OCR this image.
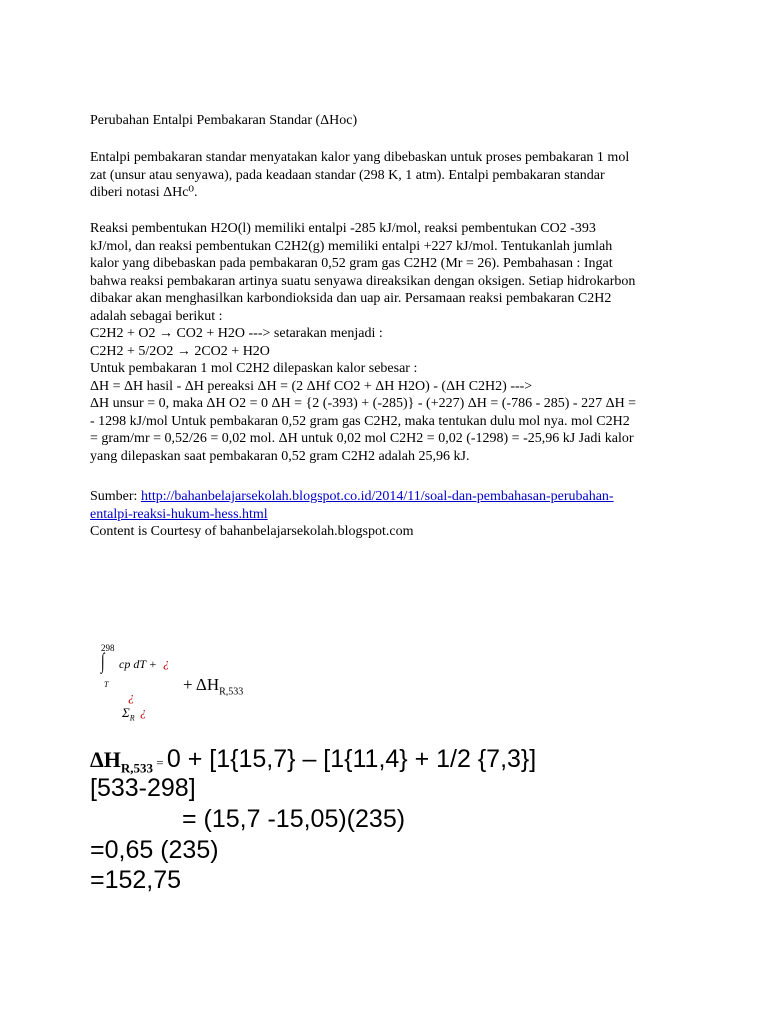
Perubahan Entalpi Pembakaran Standar (ΔHoc)
Entalpi pembakaran standar menyatakan kalor yang dibebaskan untuk proses pembakaran 1 mol
zat (unsur atau senyawa), pada keadaan standar (298 K, 1 atm). Entalpi pembakaran standar
diberi notasi ΔHc⁰.
Reaksi pembentukan H2O(l) memiliki entalpi -285 kJ/mol, reaksi pembentukan CO2 -393
kJ/mol, dan reaksi pembentukan C2H2(g) memiliki entalpi +227 kJ/mol. Tentukanlah jumlah
kalor yang dibebaskan pada pembakaran 0,52 gram gas C2H2 (Mr = 26). Pembahasan : Ingat
bahwa reaksi pembakaran artinya suatu senyawa direaksikan dengan oksigen. Setiap hidrokarbon
dibakar akan menghasilkan karbondioksida dan uap air. Persamaan reaksi pembakaran C2H2
adalah sebagai berikut :
C2H2 + O2 → CO2 + H2O ---> setarakan menjadi :
C2H2 + 5/2O2 → 2CO2 + H2O
Untuk pembakaran 1 mol C2H2 dilepaskan kalor sebesar :
ΔH = ΔH hasil - ΔH pereaksi ΔH = (2 ΔHf CO2 + ΔH H2O) - (ΔH C2H2) --->
ΔH unsur = 0, maka ΔH O2 = 0 ΔH = {2 (-393) + (-285)} - (+227) ΔH = (-786 - 285) - 227 ΔH =
- 1298 kJ/mol Untuk pembakaran 0,52 gram gas C2H2, maka tentukan dulu mol nya. mol C2H2
= gram/mr = 0,52/26 = 0,02 mol. ΔH untuk 0,02 mol C2H2 = 0,02 (-1298) = -25,96 kJ Jadi kalor
yang dilepaskan saat pembakaran 0,52 gram C2H2 adalah 25,96 kJ.
Sumber: http://bahanbelajarsekolah.blogspot.co.id/2014/11/soal-dan-pembahasan-perubahan-
entalpi-reaksi-hukum-hess.html
Content is Courtesy of bahanbelajarsekolah.blogspot.com
298
∫
T
cp dT + ¿
+ $\Delta H_{R,533}$
¿
$\Sigma_R$ ¿
$\Delta H_{R,533} = 0 + [1\{15,7\} - [1\{11,4\} + 1/2$ {7,3}]
[533-298]
= (15,7 -15,05)(235)
=0,65 (235)
=152,75
